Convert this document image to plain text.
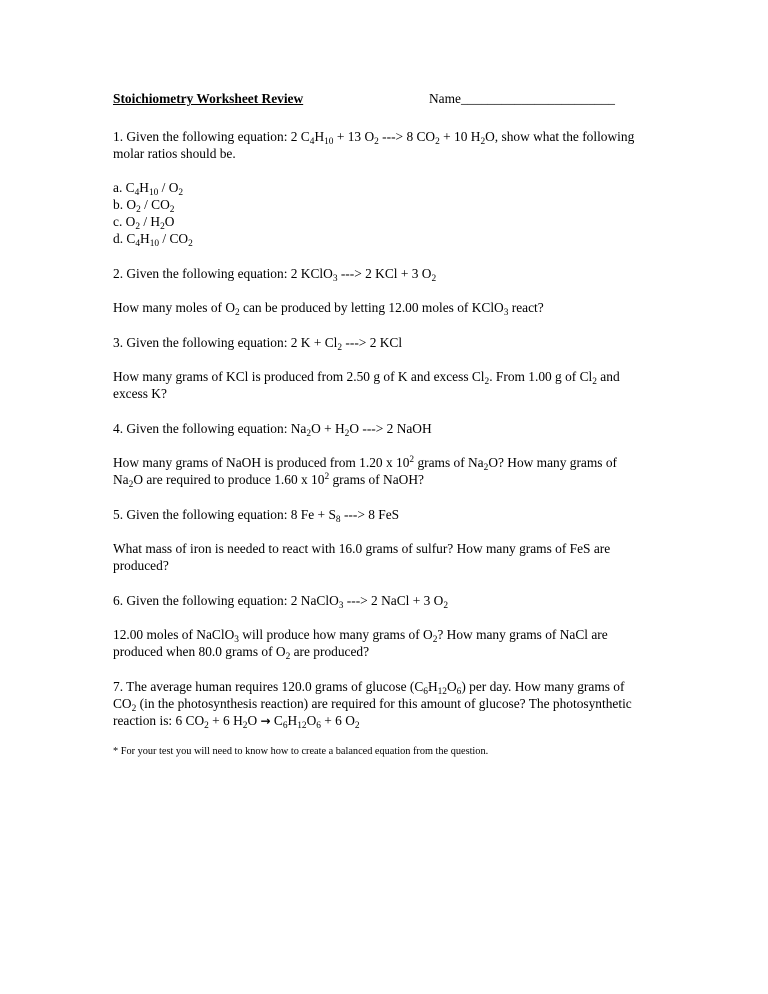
Stoichiometry Worksheet Review	Name_______________________

1. Given the following equation: 2 $C_4H_{10} + 13$ $O_2$ ---> 8 $CO_2 + 10$ $H_2O$, show what the following
molar ratios should be.

a. $C_4H_{10} / O_2$

b. $O_2 / CO_2$

c. $O_2 / H_2O$

d. $C_4H_{10} / CO_2$

2. Given the following equation: 2 KClO$_3$ ---> 2 KCl + 3 $O_2$

How many moles of $O_2$ can be produced by letting 12.00 moles of KClO$_3$ react?

3. Given the following equation: 2 $K + Cl_2$ ---> 2 KCl

How many grams of KCl is produced from 2.50 g of K and excess $Cl_2$. From 1.00 g of $Cl_2$ and
excess K?

4. Given the following equation: $Na_2O + H_2O$ ---> 2 NaOH

How many grams of NaOH is produced from 1.20 x $10^2$ grams of $Na_2O$? How many grams of
$Na_2O$ are required to produce 1.60 x $10^2$ grams of NaOH?

5. Given the following equation: 8 $Fe + S_8$ ---> 8 FeS

What mass of iron is needed to react with 16.0 grams of sulfur? How many grams of FeS are
produced?

6. Given the following equation: 2 NaClO$_3$ ---> 2 NaCl + 3 $O_2$

12.00 moles of NaClO$_3$ will produce how many grams of $O_2$? How many grams of NaCl are
produced when 80.0 grams of $O_2$ are produced?

7. The average human requires 120.0 grams of glucose $(C_6H_{12}O_6)$ per day. How many grams of
$CO_2$ (in the photosynthesis reaction) are required for this amount of glucose? The photosynthetic
reaction is: 6 $CO_2 + 6$ $H_2O \to C_6H_{12}O_6 + 6$ $O_2$

* For your test you will need to know how to create a balanced equation from the question.
